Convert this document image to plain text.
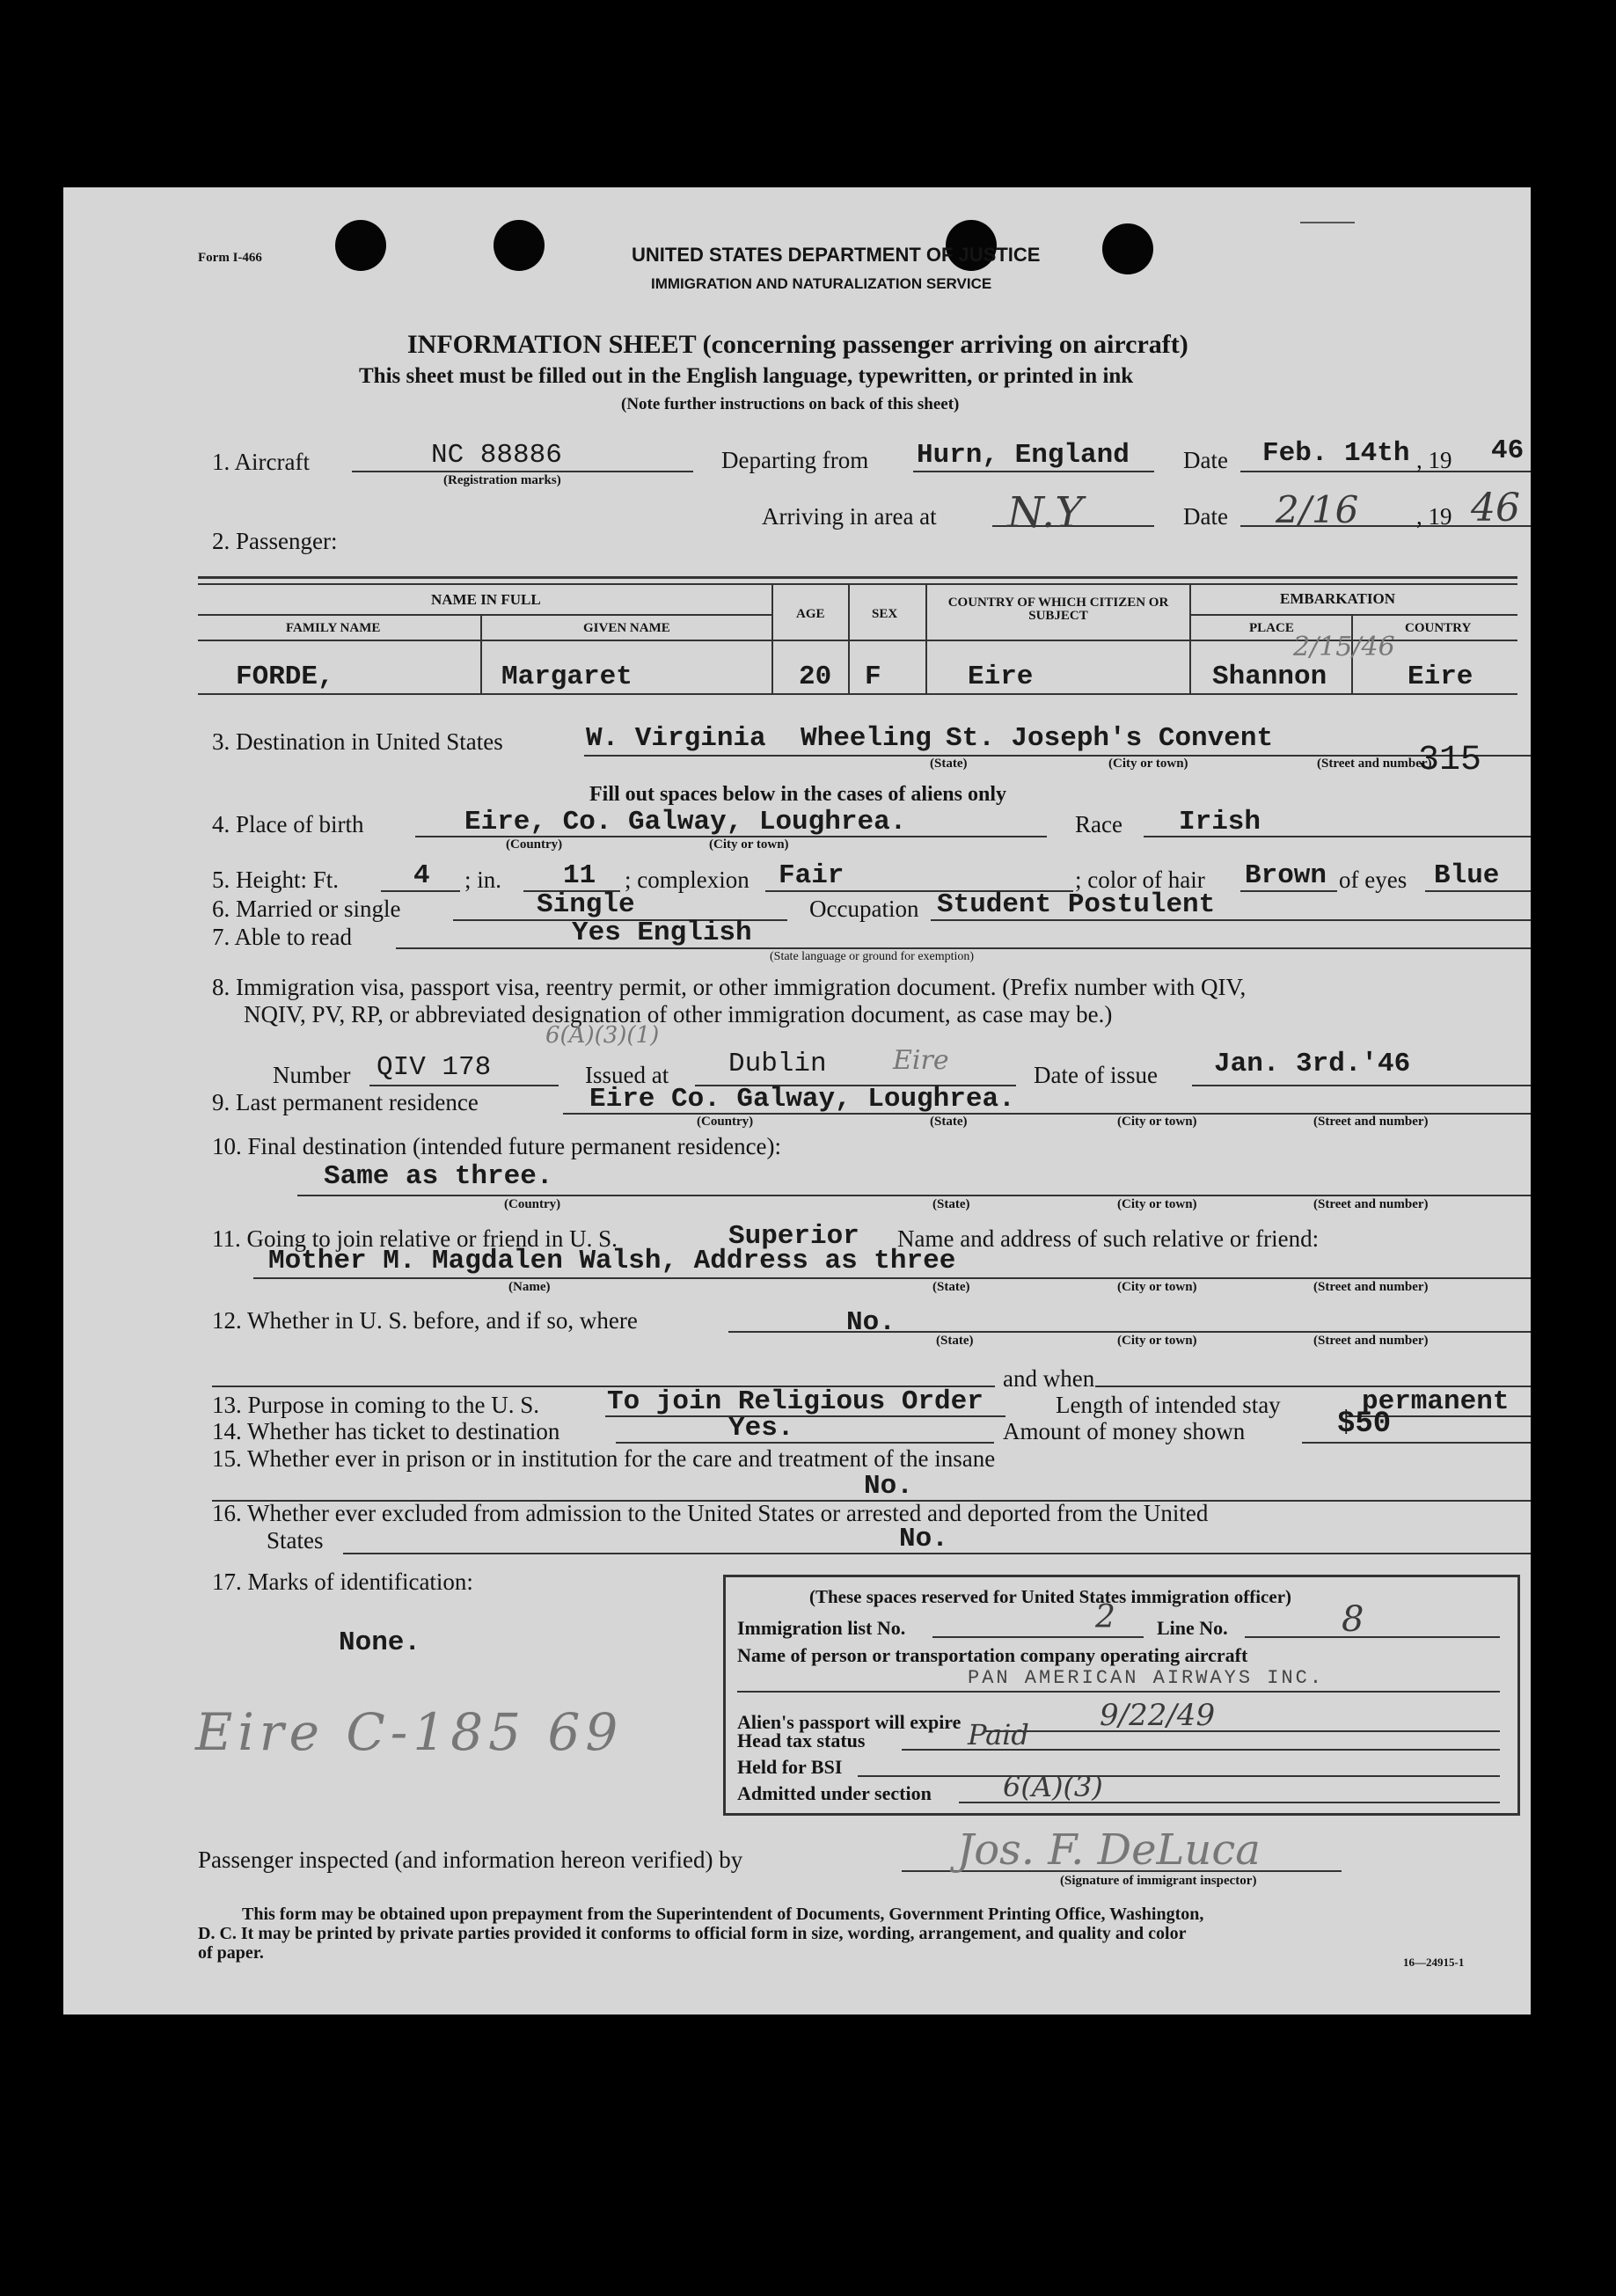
Form I-466	UNITED STATES DEPARTMENT OF JUSTICE
IMMIGRATION AND NATURALIZATION SERVICE
INFORMATION SHEET (concerning passenger arriving on aircraft)
This sheet must be filled out in the English language, typewritten, or printed in ink
(Note further instructions on back of this sheet)
1. Aircraft	NC 88886
(Registration marks)
Departing from Hurn, England Date Feb. 14th , 19 46
Arriving in area at N.Y	Date 2/16 , 19 46
2. Passenger:
NAME IN FULL
FAMILY NAME	GIVEN NAME
AGE	SEX
COUNTRY OF WHICH CITIZEN OR SUBJECT
EMBARKATION
PLACE	COUNTRY
FORDE,	Margaret	20 F	Eire	Shannon	Eire
2/15/46
3. Destination in United States	W. Virginia Wheeling St. Joseph's Convent
315
(State)	(City or town)	(Street and number)
Fill out spaces below in the cases of aliens only
4. Place of birth	Eire, Co. Galway, Loughrea.
(Country)	(City or town)
Race Irish
5. Height: Ft.	4 ; in. 11 ; complexion Fair	; color of hair Brown of eyes Blue
6. Married or single	Single	Occupation Student Postulent
7. Able to read	Yes English
(State language or ground for exemption)
8. Immigration visa, passport visa, reentry permit, or other immigration document. (Prefix number with QIV,
NQIV, PV, RP, or abbreviated designation of other immigration document, as case may be.)
Number QIV 178
6(A)(3)(1)
Issued at Dublin	Eire	Date of issue Jan. 3rd.'46
9. Last permanent residence	Eire Co. Galway, Loughrea.
(Country)	(State)	(City or town)	(Street and number)
10. Final destination (intended future permanent residence):
Same as three.
(Country)	(State)	(City or town)	(Street and number)
11. Going to join relative or friend in U. S.	Superior Name and address of such relative or friend:
Mother M. Magdalen Walsh, Address as three
(Name)	(State)	(City or town)	(Street and number)
12. Whether in U. S. before, and if so, where	No.
(State)	(City or town)	(Street and number)
and when
13. Purpose in coming to the U. S. To join Religious Order	Length of intended stay	permanent
14. Whether has ticket to destination	Yes.	Amount of money shown	$50
15. Whether ever in prison or in institution for the care and treatment of the insane
No.
16. Whether ever excluded from admission to the United States or arrested and deported from the United
States	No.
17. Marks of identification:
None.
Eire C-185 69
(These spaces reserved for United States immigration officer)
Immigration list No.	2 Line No.	8
Name of person or transportation company operating aircraft
PAN AMERICAN AIRWAYS INC.
Alien's passport will expire	9/22/49
Head tax status	Paid
Held for BSI
Admitted under section	6(A)(3)
Passenger inspected (and information hereon verified) by	Jos. F. DeLuca
(Signature of immigrant inspector)
This form may be obtained upon prepayment from the Superintendent of Documents, Government Printing Office, Washington,
D. C. It may be printed by private parties provided it conforms to official form in size, wording, arrangement, and quality and color
of paper.	16—24915-1
